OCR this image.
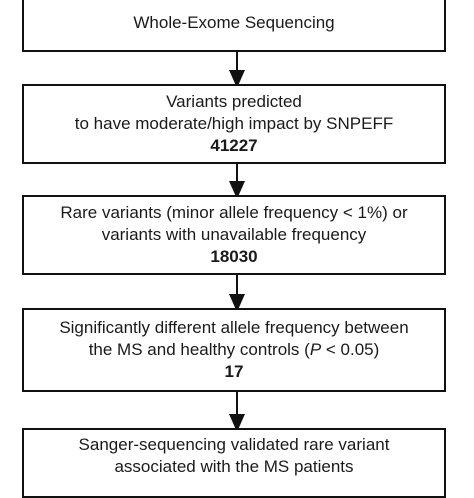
Whole-Exome Sequencing
Variants predicted
to have moderate/high impact by SNPEFF
41227
Rare variants (minor allele frequency < 1%) or
variants with unavailable frequency
18030
Significantly different allele frequency between
the MS and healthy controls (P < 0.05)
17
Sanger-sequencing validated rare variant
associated with the MS patients
